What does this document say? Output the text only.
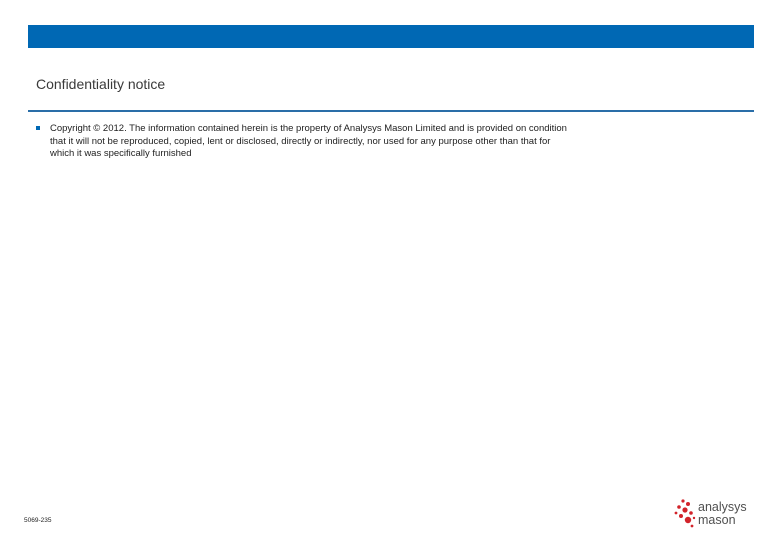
Confidentiality notice
Copyright © 2012. The information contained herein is the property of Analysys Mason Limited and is provided on condition that it will not be reproduced, copied, lent or disclosed, directly or indirectly, nor used for any purpose other than that for which it was specifically furnished
5069-235
analysys
mason
